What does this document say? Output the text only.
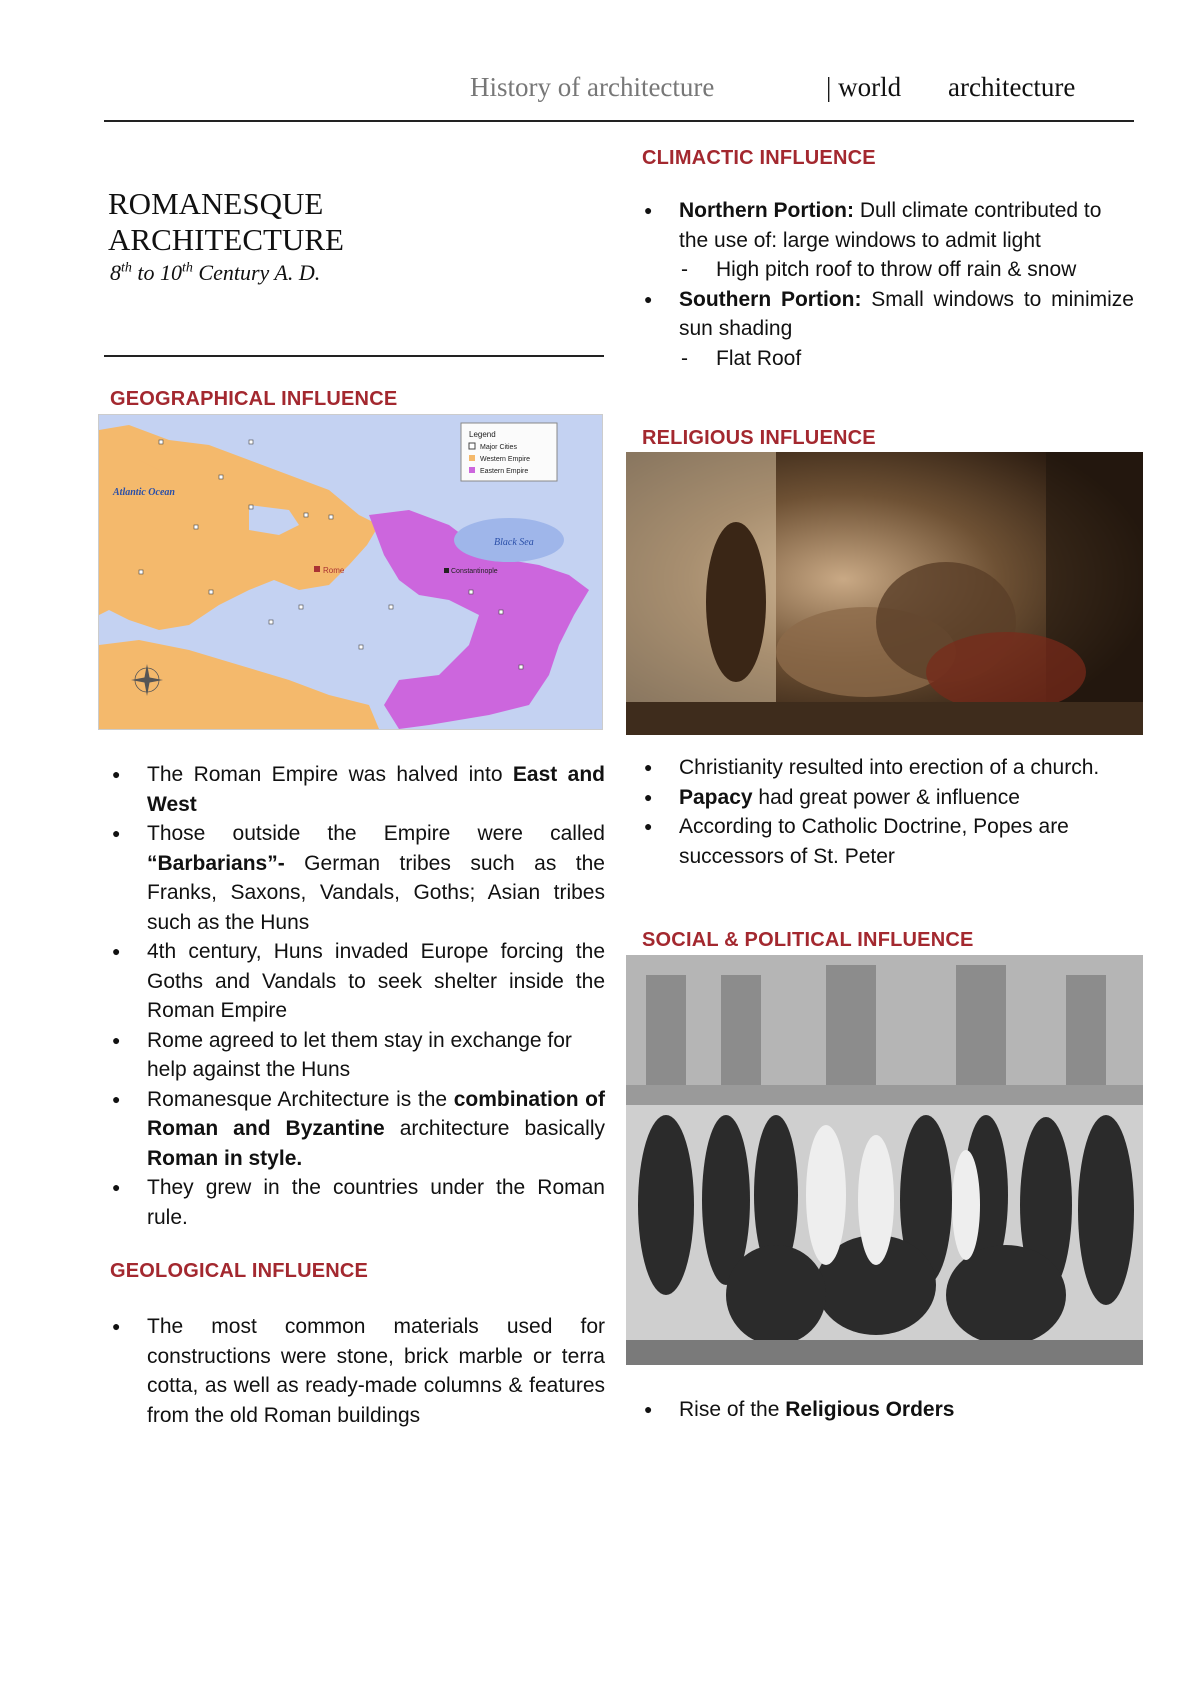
History of architecture	| world architecture
ROMANESQUE
ARCHITECTURE
8th to 10th Century A. D.
GEOGRAPHICAL INFLUENCE
Legend
Major Cities
Western Empire
Eastern Empire
Atlantic Ocean
Black Sea
Rome	Constantinople
● The Roman Empire was halved into East and West
● Those outside the Empire were called “Barbarians”- German tribes such as the Franks, Saxons, Vandals, Goths; Asian tribes such as the Huns
● 4th century, Huns invaded Europe forcing the Goths and Vandals to seek shelter inside the Roman Empire
● Rome agreed to let them stay in exchange for help against the Huns
● Romanesque Architecture is the combination of Roman and Byzantine architecture basically Roman in style.
● They grew in the countries under the Roman rule.
GEOLOGICAL INFLUENCE
● The most common materials used for constructions were stone, brick marble or terra cotta, as well as ready-made columns & features from the old Roman buildings
CLIMACTIC INFLUENCE
● Northern Portion: Dull climate contributed to the use of: large windows to admit light
- High pitch roof to throw off rain & snow
● Southern Portion: Small windows to minimize sun shading
- Flat Roof
RELIGIOUS INFLUENCE
● Christianity resulted into erection of a church.
● Papacy had great power & influence
● According to Catholic Doctrine, Popes are successors of St. Peter
SOCIAL & POLITICAL INFLUENCE
● Rise of the Religious Orders
